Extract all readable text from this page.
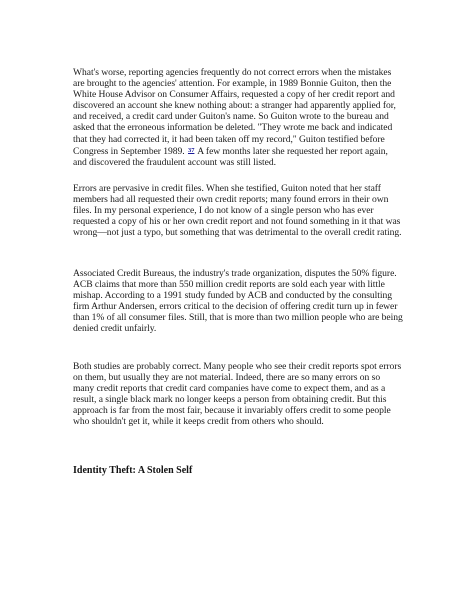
What's worse, reporting agencies frequently do not correct errors when the mistakes are brought to the agencies' attention. For example, in 1989 Bonnie Guiton, then the White House Advisor on Consumer Affairs, requested a copy of her credit report and discovered an account she knew nothing about: a stranger had apparently applied for, and received, a credit card under Guiton's name. So Guiton wrote to the bureau and asked that the erroneous information be deleted. "They wrote me back and indicated that they had corrected it, it had been taken off my record," Guiton testified before Congress in September 1989. $^{37}$ A few months later she requested her report again, and discovered the fraudulent account was still listed.

Errors are pervasive in credit files. When she testified, Guiton noted that her staff members had all requested their own credit reports; many found errors in their own files. In my personal experience, I do not know of a single person who has ever requested a copy of his or her own credit report and not found something in it that was wrong—not just a typo, but something that was detrimental to the overall credit rating.

Associated Credit Bureaus, the industry's trade organization, disputes the 50% figure. ACB claims that more than 550 million credit reports are sold each year with little mishap. According to a 1991 study funded by ACB and conducted by the consulting firm Arthur Andersen, errors critical to the decision of offering credit turn up in fewer than 1% of all consumer files. Still, that is more than two million people who are being denied credit unfairly.

Both studies are probably correct. Many people who see their credit reports spot errors on them, but usually they are not material. Indeed, there are so many errors on so many credit reports that credit card companies have come to expect them, and as a result, a single black mark no longer keeps a person from obtaining credit. But this approach is far from the most fair, because it invariably offers credit to some people who shouldn't get it, while it keeps credit from others who should.

Identity Theft: A Stolen Self
